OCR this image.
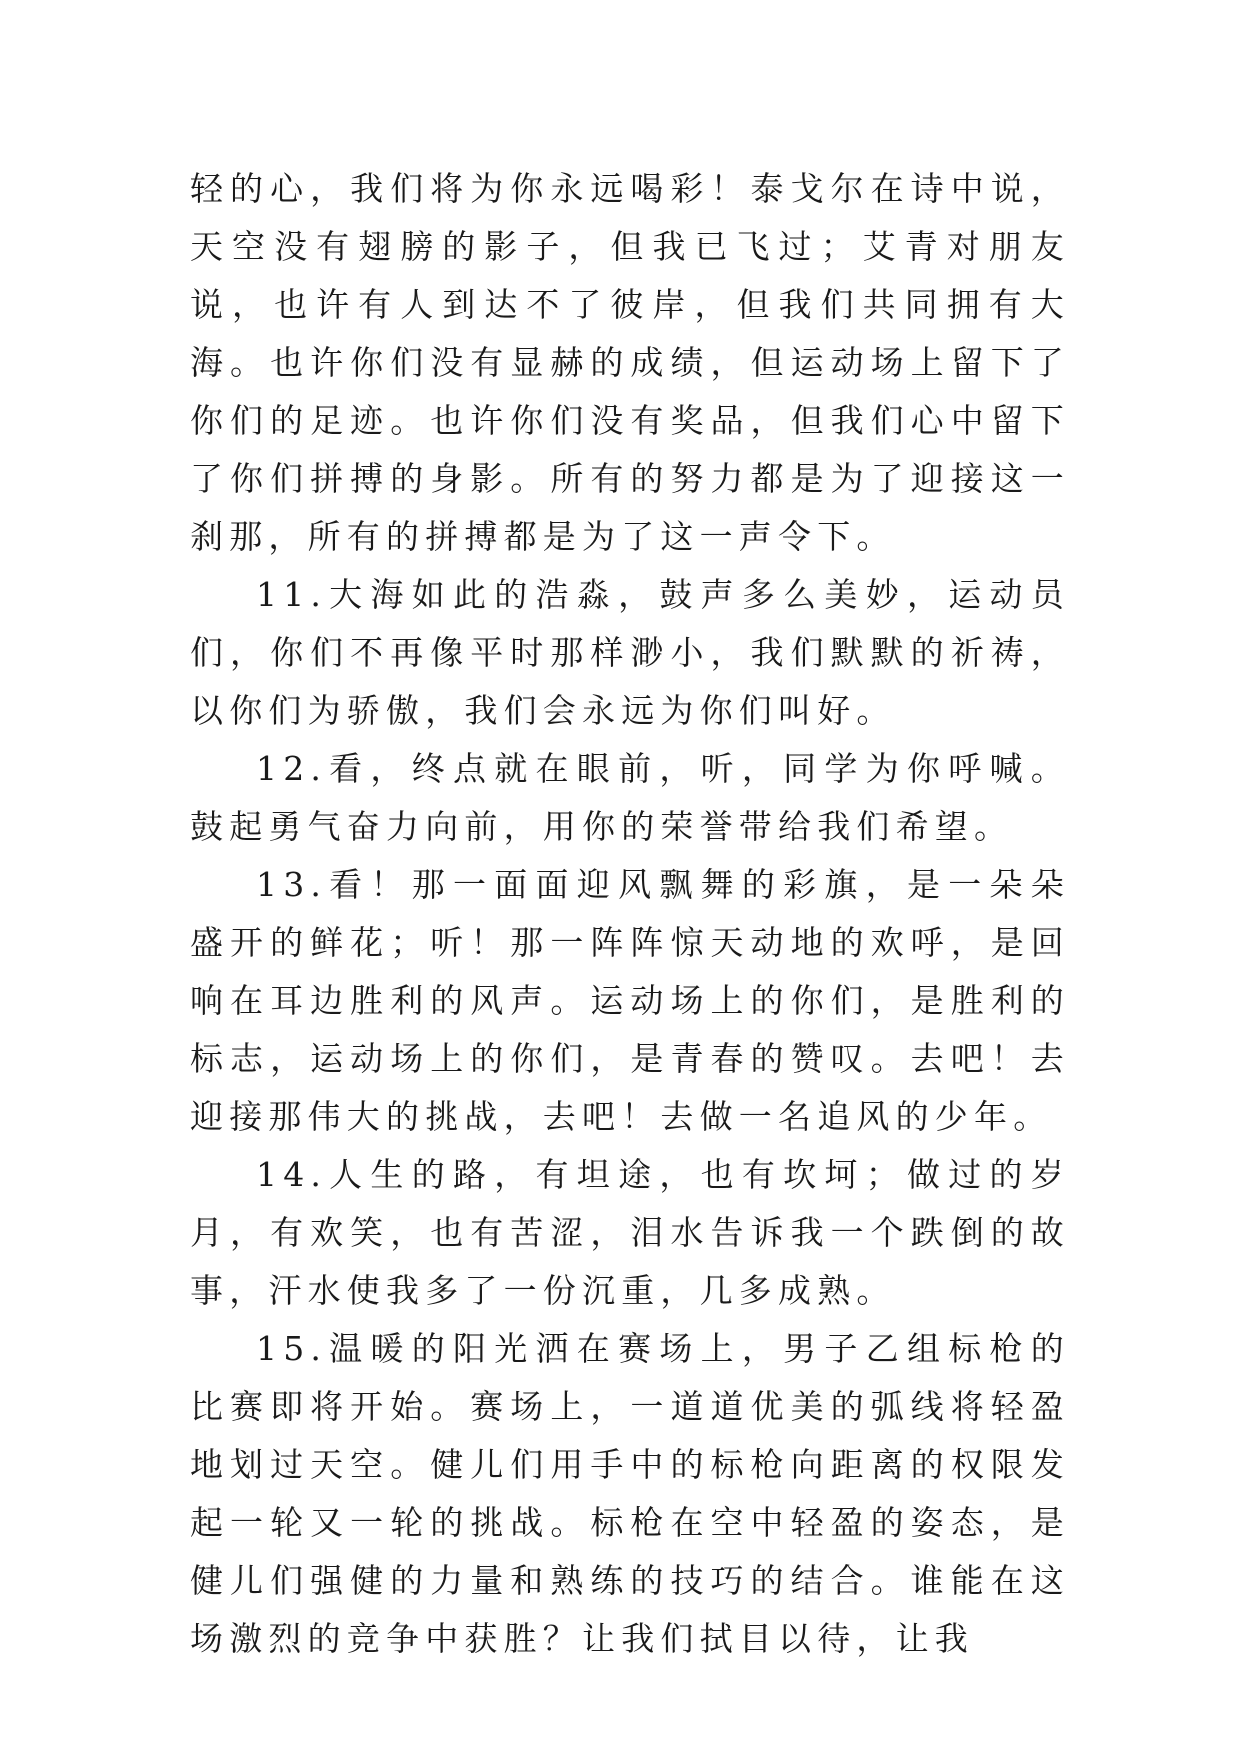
轻的心，我们将为你永远喝彩！泰戈尔在诗中说，天空没有翅膀的影子，但我已飞过；艾青对朋友说，也许有人到达不了彼岸，但我们共同拥有大海。也许你们没有显赫的成绩，但运动场上留下了你们的足迹。也许你们没有奖品，但我们心中留下了你们拼搏的身影。所有的努力都是为了迎接这一刹那，所有的拼搏都是为了这一声令下。

11.大海如此的浩淼，鼓声多么美妙，运动员们，你们不再像平时那样渺小，我们默默的祈祷，以你们为骄傲，我们会永远为你们叫好。

12.看，终点就在眼前，听，同学为你呼喊。鼓起勇气奋力向前，用你的荣誉带给我们希望。

13.看！那一面面迎风飘舞的彩旗，是一朵朵盛开的鲜花；听！那一阵阵惊天动地的欢呼，是回响在耳边胜利的风声。运动场上的你们，是胜利的标志，运动场上的你们，是青春的赞叹。去吧！去迎接那伟大的挑战，去吧！去做一名追风的少年。

14.人生的路，有坦途，也有坎坷；做过的岁月，有欢笑，也有苦涩，泪水告诉我一个跌倒的故事，汗水使我多了一份沉重，几多成熟。

15.温暖的阳光洒在赛场上，男子乙组标枪的比赛即将开始。赛场上，一道道优美的弧线将轻盈地划过天空。健儿们用手中的标枪向距离的权限发起一轮又一轮的挑战。标枪在空中轻盈的姿态，是健儿们强健的力量和熟练的技巧的结合。谁能在这场激烈的竞争中获胜？让我们拭目以待，让我
